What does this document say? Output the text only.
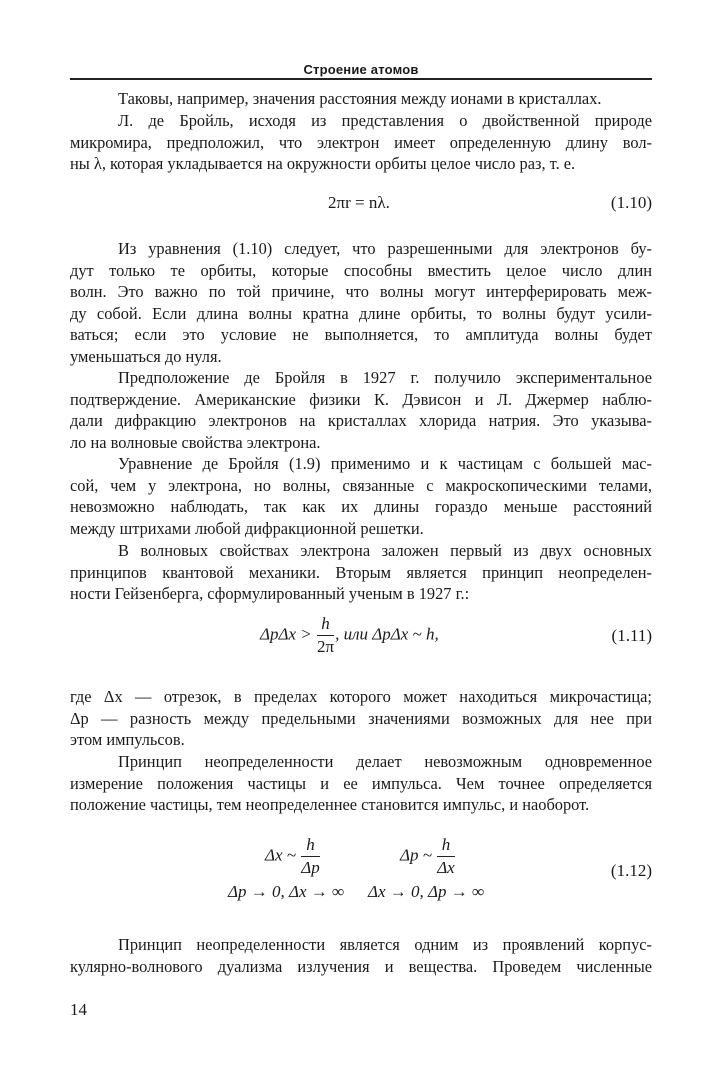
Строение атомов
Таковы, например, значения расстояния между ионами в кристаллах.
Л. де Бройль, исходя из представления о двойственной природе
микромира, предположил, что электрон имеет определенную длину вол-
ны λ, которая укладывается на окружности орбиты целое число раз, т. е.
2πr = nλ.	(1.10)
Из уравнения (1.10) следует, что разрешенными для электронов бу-
дут только те орбиты, которые способны вместить целое число длин
волн. Это важно по той причине, что волны могут интерферировать меж-
ду собой. Если длина волны кратна длине орбиты, то волны будут усили-
ваться; если это условие не выполняется, то амплитуда волны будет
уменьшаться до нуля.
Предположение де Бройля в 1927 г. получило экспериментальное
подтверждение. Американские физики К. Дэвисон и Л. Джермер наблю-
дали дифракцию электронов на кристаллах хлорида натрия. Это указыва-
ло на волновые свойства электрона.
Уравнение де Бройля (1.9) применимо и к частицам с большей мас-
сой, чем у электрона, но волны, связанные с макроскопическими телами,
невозможно наблюдать, так как их длины гораздо меньше расстояний
между штрихами любой дифракционной решетки.
В волновых свойствах электрона заложен первый из двух основных
принципов квантовой механики. Вторым является принцип неопределен-
ности Гейзенберга, сформулированный ученым в 1927 г.:
$\Delta p\Delta x > \frac{h}{2\pi}$ , или ΔpΔx ~ h,	(1.11)
где Δx — отрезок, в пределах которого может находиться микрочастица;
Δp — разность между предельными значениями возможных для нее при
этом импульсов.
Принцип неопределенности делает невозможным одновременное
измерение положения частицы и ее импульса. Чем точнее определяется
положение частицы, тем неопределеннее становится импульс, и наоборот.
Δx ~ $\frac{h}{\Delta p}$	Δp ~ $\frac{h}{\Delta x}$
Δp → 0, Δx → ∞ Δx → 0, Δp → ∞
(1.12)
Принцип неопределенности является одним из проявлений корпус-
кулярно-волнового дуализма излучения и вещества. Проведем численные
14
